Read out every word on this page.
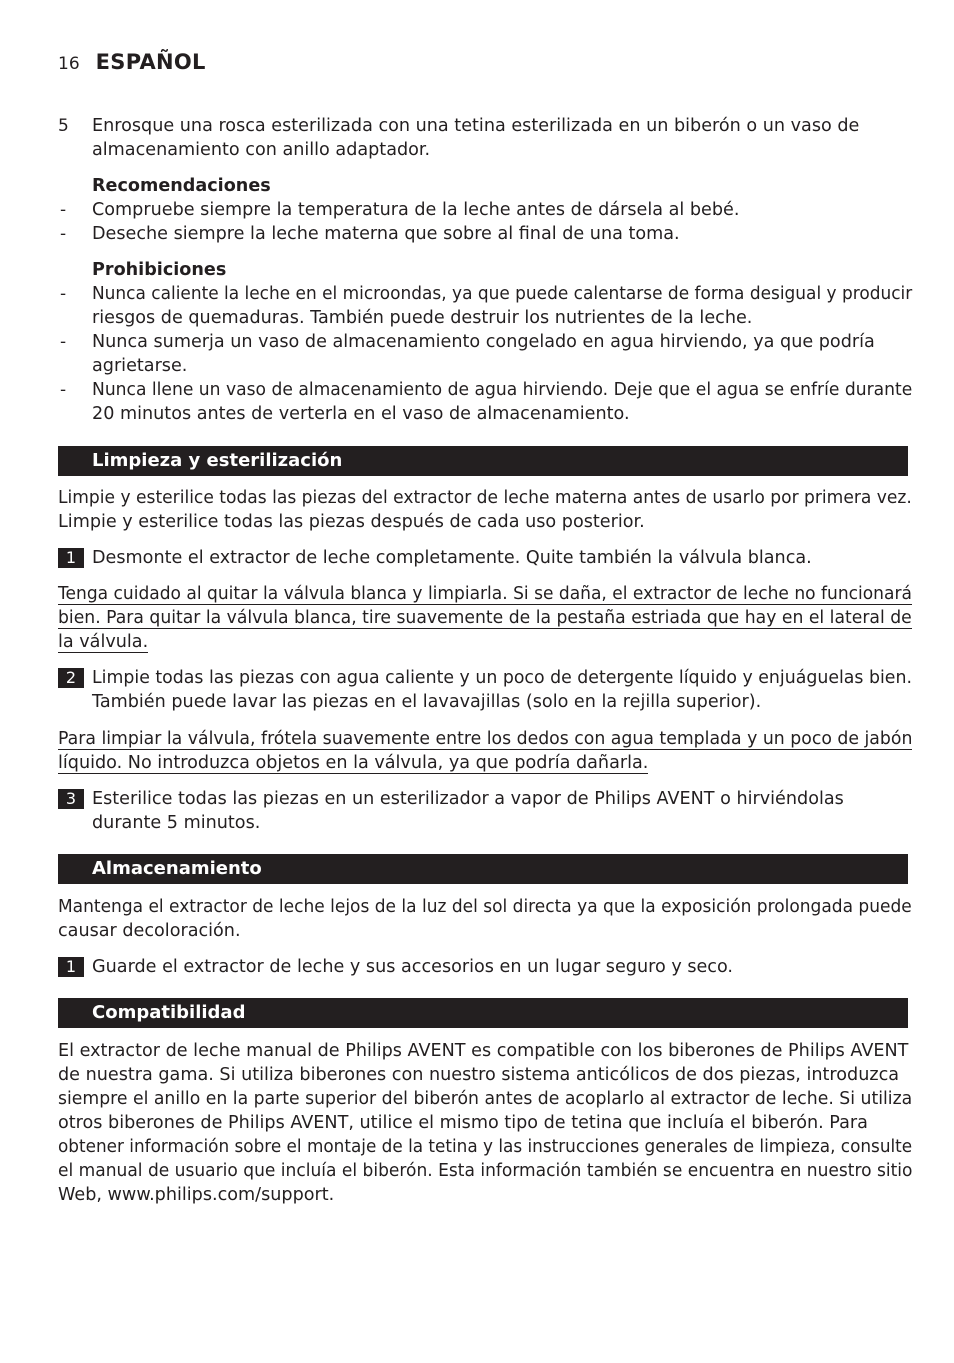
16 ESPAÑOL
5 Enrosque una rosca esterilizada con una tetina esterilizada en un biberón o un vaso de
almacenamiento con anillo adaptador.
Recomendaciones
- Compruebe siempre la temperatura de la leche antes de dársela al bebé.
- Deseche siempre la leche materna que sobre al final de una toma.
Prohibiciones
- Nunca caliente la leche en el microondas, ya que puede calentarse de forma desigual y producir
riesgos de quemaduras. También puede destruir los nutrientes de la leche.
- Nunca sumerja un vaso de almacenamiento congelado en agua hirviendo, ya que podría
agrietarse.
- Nunca llene un vaso de almacenamiento de agua hirviendo. Deje que el agua se enfríe durante
20 minutos antes de verterla en el vaso de almacenamiento.
Limpieza y esterilización
Limpie y esterilice todas las piezas del extractor de leche materna antes de usarlo por primera vez.
Limpie y esterilice todas las piezas después de cada uso posterior.
1 Desmonte el extractor de leche completamente. Quite también la válvula blanca.
Tenga cuidado al quitar la válvula blanca y limpiarla. Si se daña, el extractor de leche no funcionará
bien. Para quitar la válvula blanca, tire suavemente de la pestaña estriada que hay en el lateral de
la válvula.
2 Limpie todas las piezas con agua caliente y un poco de detergente líquido y enjuáguelas bien.
También puede lavar las piezas en el lavavajillas (solo en la rejilla superior).
Para limpiar la válvula, frótela suavemente entre los dedos con agua templada y un poco de jabón
líquido. No introduzca objetos en la válvula, ya que podría dañarla.
3 Esterilice todas las piezas en un esterilizador a vapor de Philips AVENT o hirviéndolas
durante 5 minutos.
Almacenamiento
Mantenga el extractor de leche lejos de la luz del sol directa ya que la exposición prolongada puede
causar decoloración.
1 Guarde el extractor de leche y sus accesorios en un lugar seguro y seco.
Compatibilidad
El extractor de leche manual de Philips AVENT es compatible con los biberones de Philips AVENT
de nuestra gama. Si utiliza biberones con nuestro sistema anticólicos de dos piezas, introduzca
siempre el anillo en la parte superior del biberón antes de acoplarlo al extractor de leche. Si utiliza
otros biberones de Philips AVENT, utilice el mismo tipo de tetina que incluía el biberón. Para
obtener información sobre el montaje de la tetina y las instrucciones generales de limpieza, consulte
el manual de usuario que incluía el biberón. Esta información también se encuentra en nuestro sitio
Web, www.philips.com/support.
